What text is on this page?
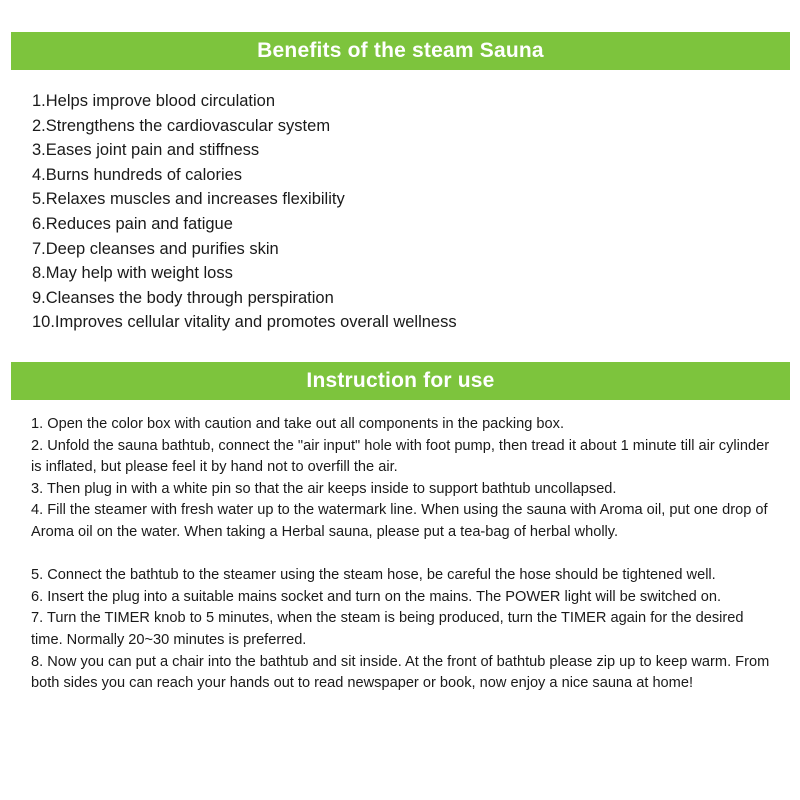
Benefits of the steam Sauna
1.Helps improve blood circulation
2.Strengthens the cardiovascular system
3.Eases joint pain and stiffness
4.Burns hundreds of calories
5.Relaxes muscles and increases flexibility
6.Reduces pain and fatigue
7.Deep cleanses and purifies skin
8.May help with weight loss
9.Cleanses the body through perspiration
10.Improves cellular vitality and promotes overall wellness
Instruction for use

1. Open the color box with caution and take out all components in the packing box.

2. Unfold the sauna bathtub, connect the "air input" hole with foot pump, then tread it about 1 minute till air cylinder is inflated, but please feel it by hand not to overfill the air.

3. Then plug in with a white pin so that the air keeps inside to support bathtub uncollapsed.

4. Fill the steamer with fresh water up to the watermark line. When using the sauna with Aroma oil, put one drop of Aroma oil on the water. When taking a Herbal sauna, please put a tea-bag of herbal wholly.

5. Connect the bathtub to the steamer using the steam hose, be careful the hose should be tightened well.

6. Insert the plug into a suitable mains socket and turn on the mains. The POWER light will be switched on.

7. Turn the TIMER knob to 5 minutes, when the steam is being produced, turn the TIMER again for the desired time. Normally 20~30 minutes is preferred.

8. Now you can put a chair into the bathtub and sit inside. At the front of bathtub please zip up to keep warm. From both sides you can reach your hands out to read newspaper or book, now enjoy a nice sauna at home!
